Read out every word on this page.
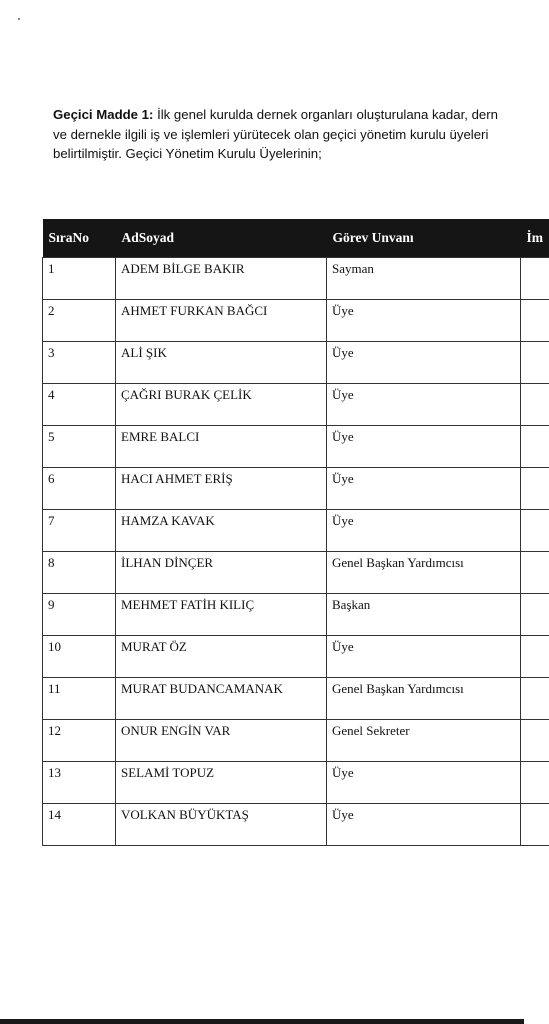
Geçici Madde 1: İlk genel kurulda dernek organları oluşturulana kadar, dern
ve dernekle ilgili iş ve işlemleri yürütecek olan geçici yönetim kurulu üyeleri
belirtilmiştir. Geçici Yönetim Kurulu Üyelerinin;
SıraNo	AdSoyad	Görev Unvanı	İm
1	ADEM BİLGE BAKIR	Sayman	
2	AHMET FURKAN BAĞCI	Üye	
3	ALİ ŞIK	Üye	
4	ÇAĞRI BURAK ÇELİK	Üye	
5	EMRE BALCI	Üye	
6	HACI AHMET ERİŞ	Üye	
7	HAMZA KAVAK	Üye	
8	İLHAN DİNÇER	Genel Başkan Yardımcısı	
9	MEHMET FATİH KILIÇ	Başkan	
10	MURAT ÖZ	Üye	
11	MURAT BUDANCAMANAK	Genel Başkan Yardımcısı	
12	ONUR ENGİN VAR	Genel Sekreter	
13	SELAMİ TOPUZ	Üye	
14	VOLKAN BÜYÜKTAŞ	Üye	
